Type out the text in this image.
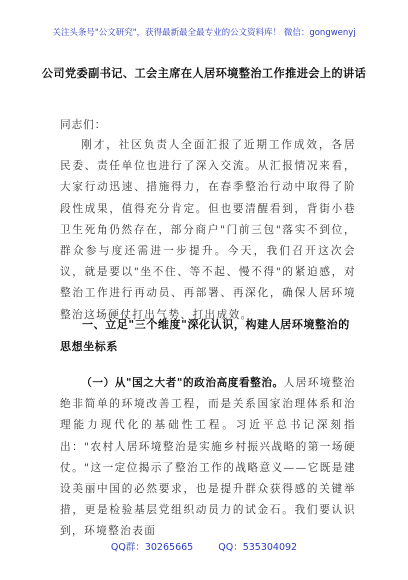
关注头条号"公文研究"，获得最新最全最专业的公文资料库！ 微信：gongwenyj
公司党委副书记、工会主席在人居环境整治工作推进会上的讲话
同志们：

刚才，社区负责人全面汇报了近期工作成效，各居民委、责任单位也进行了深入交流。从汇报情况来看，大家行动迅速、措施得力，在春季整治行动中取得了阶段性成果，值得充分肯定。但也要清醒看到，背街小巷卫生死角仍然存在，部分商户"门前三包"落实不到位，群众参与度还需进一步提升。今天，我们召开这次会议，就是要以"坐不住、等不起、慢不得"的紧迫感，对整治工作进行再动员、再部署、再深化，确保人居环境整治这场硬仗打出气势、打出成效。

一、立足"三个维度"深化认识，构建人居环境整治的思想坐标系

（一）从"国之大者"的政治高度看整治。人居环境整治绝非简单的环境改善工程，而是关系国家治理体系和治理能力现代化的基础性工程。习近平总书记深刻指出："农村人居环境整治是实施乡村振兴战略的第一场硬仗。"这一定位揭示了整治工作的战略意义——它既是建设美丽中国的必然要求，也是提升群众获得感的关键举措，更是检验基层党组织动员力的试金石。我们要认识到，环境整治表面

QQ群：30265665	QQ：535304092
